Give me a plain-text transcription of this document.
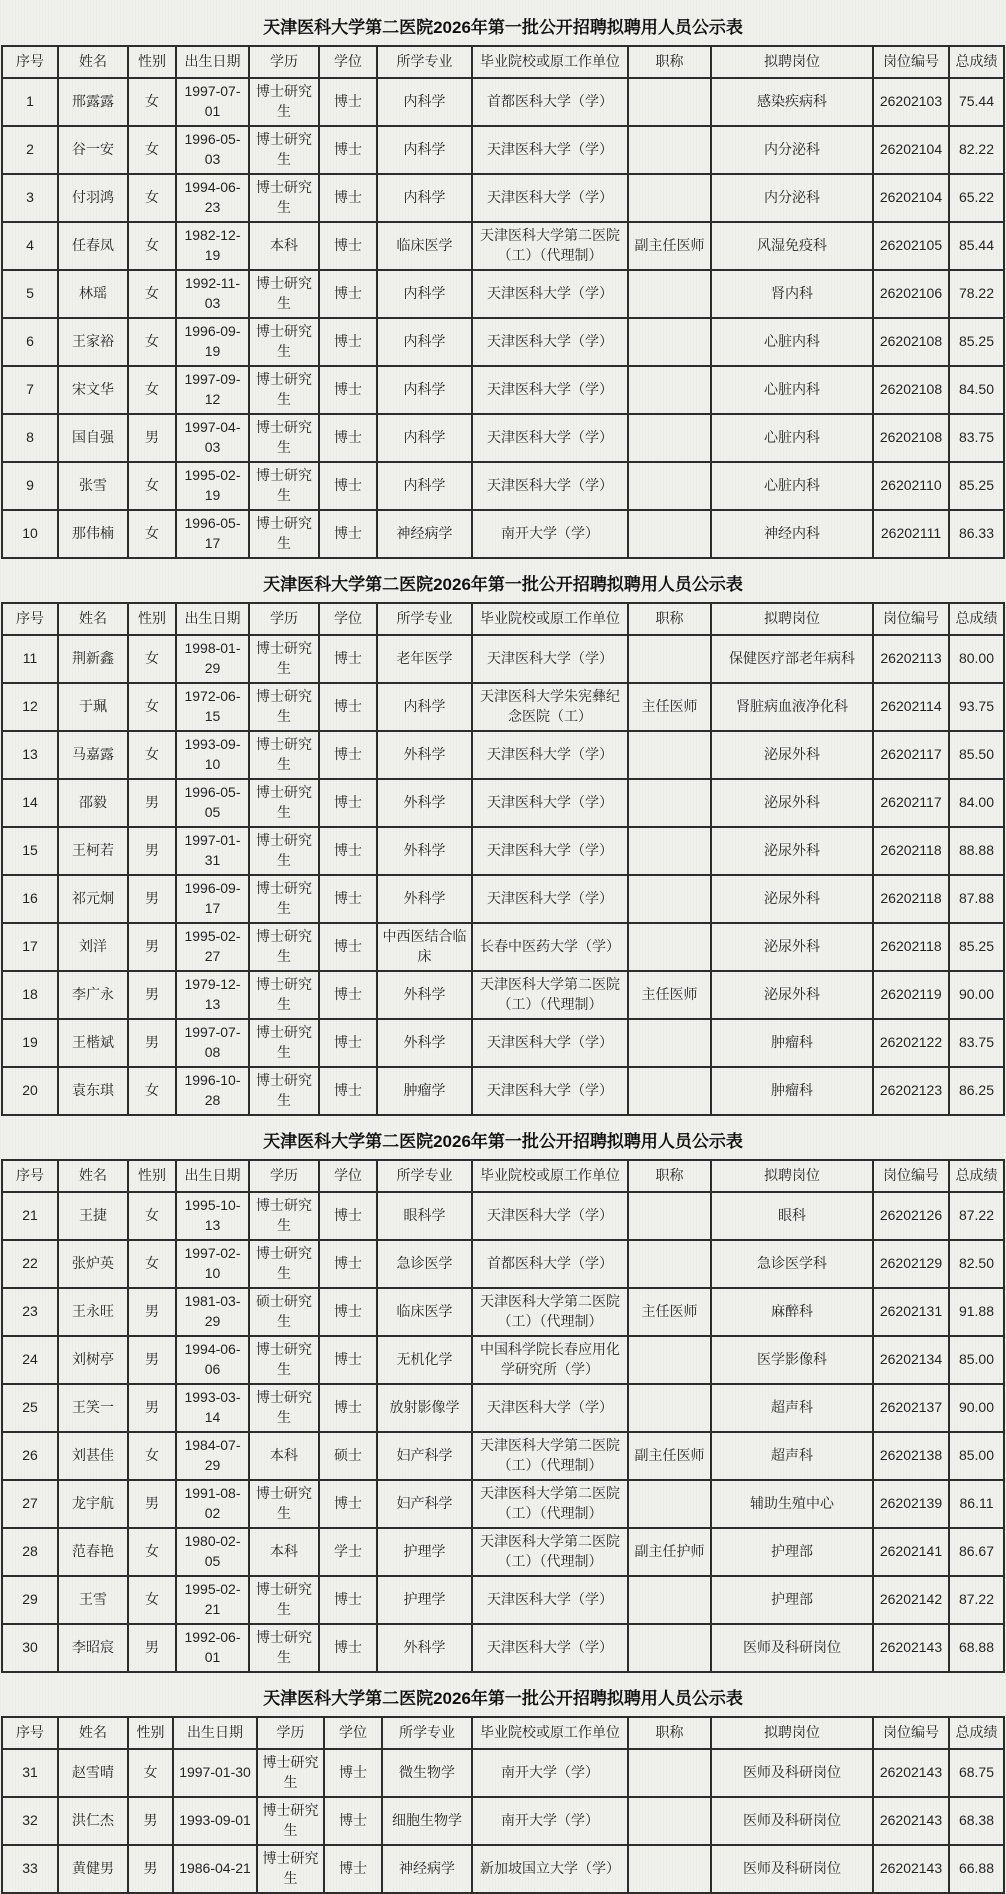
天津医科大学第二医院2026年第一批公开招聘拟聘用人员公示表
序号	姓名	性别	出生日期	学历	学位	所学专业	毕业院校或原工作单位	职称	拟聘岗位	岗位编号	总成绩
1	邢露露	女	1997-07-01	博士研究生	博士	内科学	首都医科大学（学）		感染疾病科	26202103	75.44
2	谷一安	女	1996-05-03	博士研究生	博士	内科学	天津医科大学（学）		内分泌科	26202104	82.22
3	付羽鸿	女	1994-06-23	博士研究生	博士	内科学	天津医科大学（学）		内分泌科	26202104	65.22
4	任春凤	女	1982-12-19	本科	博士	临床医学	天津医科大学第二医院（工）（代理制）	副主任医师	风湿免疫科	26202105	85.44
5	林瑶	女	1992-11-03	博士研究生	博士	内科学	天津医科大学（学）		肾内科	26202106	78.22
6	王家裕	女	1996-09-19	博士研究生	博士	内科学	天津医科大学（学）		心脏内科	26202108	85.25
7	宋文华	女	1997-09-12	博士研究生	博士	内科学	天津医科大学（学）		心脏内科	26202108	84.50
8	国自强	男	1997-04-03	博士研究生	博士	内科学	天津医科大学（学）		心脏内科	26202108	83.75
9	张雪	女	1995-02-19	博士研究生	博士	内科学	天津医科大学（学）		心脏内科	26202110	85.25
10	那伟楠	女	1996-05-17	博士研究生	博士	神经病学	南开大学（学）		神经内科	26202111	86.33
天津医科大学第二医院2026年第一批公开招聘拟聘用人员公示表
序号	姓名	性别	出生日期	学历	学位	所学专业	毕业院校或原工作单位	职称	拟聘岗位	岗位编号	总成绩
11	荆新鑫	女	1998-01-29	博士研究生	博士	老年医学	天津医科大学（学）		保健医疗部老年病科	26202113	80.00
12	于珮	女	1972-06-15	博士研究生	博士	内科学	天津医科大学朱宪彝纪念医院（工）	主任医师	肾脏病血液净化科	26202114	93.75
13	马嘉露	女	1993-09-10	博士研究生	博士	外科学	天津医科大学（学）		泌尿外科	26202117	85.50
14	邵毅	男	1996-05-05	博士研究生	博士	外科学	天津医科大学（学）		泌尿外科	26202117	84.00
15	王柯若	男	1997-01-31	博士研究生	博士	外科学	天津医科大学（学）		泌尿外科	26202118	88.88
16	祁元炯	男	1996-09-17	博士研究生	博士	外科学	天津医科大学（学）		泌尿外科	26202118	87.88
17	刘洋	男	1995-02-27	博士研究生	博士	中西医结合临床	长春中医药大学（学）		泌尿外科	26202118	85.25
18	李广永	男	1979-12-13	博士研究生	博士	外科学	天津医科大学第二医院（工）（代理制）	主任医师	泌尿外科	26202119	90.00
19	王楷斌	男	1997-07-08	博士研究生	博士	外科学	天津医科大学（学）		肿瘤科	26202122	83.75
20	袁东琪	女	1996-10-28	博士研究生	博士	肿瘤学	天津医科大学（学）		肿瘤科	26202123	86.25
天津医科大学第二医院2026年第一批公开招聘拟聘用人员公示表
序号	姓名	性别	出生日期	学历	学位	所学专业	毕业院校或原工作单位	职称	拟聘岗位	岗位编号	总成绩
21	王捷	女	1995-10-13	博士研究生	博士	眼科学	天津医科大学（学）		眼科	26202126	87.22
22	张炉英	女	1997-02-10	博士研究生	博士	急诊医学	首都医科大学（学）		急诊医学科	26202129	82.50
23	王永旺	男	1981-03-29	硕士研究生	博士	临床医学	天津医科大学第二医院（工）（代理制）	主任医师	麻醉科	26202131	91.88
24	刘树亭	男	1994-06-06	博士研究生	博士	无机化学	中国科学院长春应用化学研究所（学）		医学影像科	26202134	85.00
25	王笑一	男	1993-03-14	博士研究生	博士	放射影像学	天津医科大学（学）		超声科	26202137	90.00
26	刘甚佳	女	1984-07-29	本科	硕士	妇产科学	天津医科大学第二医院（工）（代理制）	副主任医师	超声科	26202138	85.00
27	龙宇航	男	1991-08-02	博士研究生	博士	妇产科学	天津医科大学第二医院（工）（代理制）		辅助生殖中心	26202139	86.11
28	范春艳	女	1980-02-05	本科	学士	护理学	天津医科大学第二医院（工）（代理制）	副主任护师	护理部	26202141	86.67
29	王雪	女	1995-02-21	博士研究生	博士	护理学	天津医科大学（学）		护理部	26202142	87.22
30	李昭宸	男	1992-06-01	博士研究生	博士	外科学	天津医科大学（学）		医师及科研岗位	26202143	68.88
天津医科大学第二医院2026年第一批公开招聘拟聘用人员公示表
序号	姓名	性别	出生日期	学历	学位	所学专业	毕业院校或原工作单位	职称	拟聘岗位	岗位编号	总成绩
31	赵雪晴	女	1997-01-30	博士研究生	博士	微生物学	南开大学（学）		医师及科研岗位	26202143	68.75
32	洪仁杰	男	1993-09-01	博士研究生	博士	细胞生物学	南开大学（学）		医师及科研岗位	26202143	68.38
33	黄健男	男	1986-04-21	博士研究生	博士	神经病学	新加坡国立大学（学）		医师及科研岗位	26202143	66.88
